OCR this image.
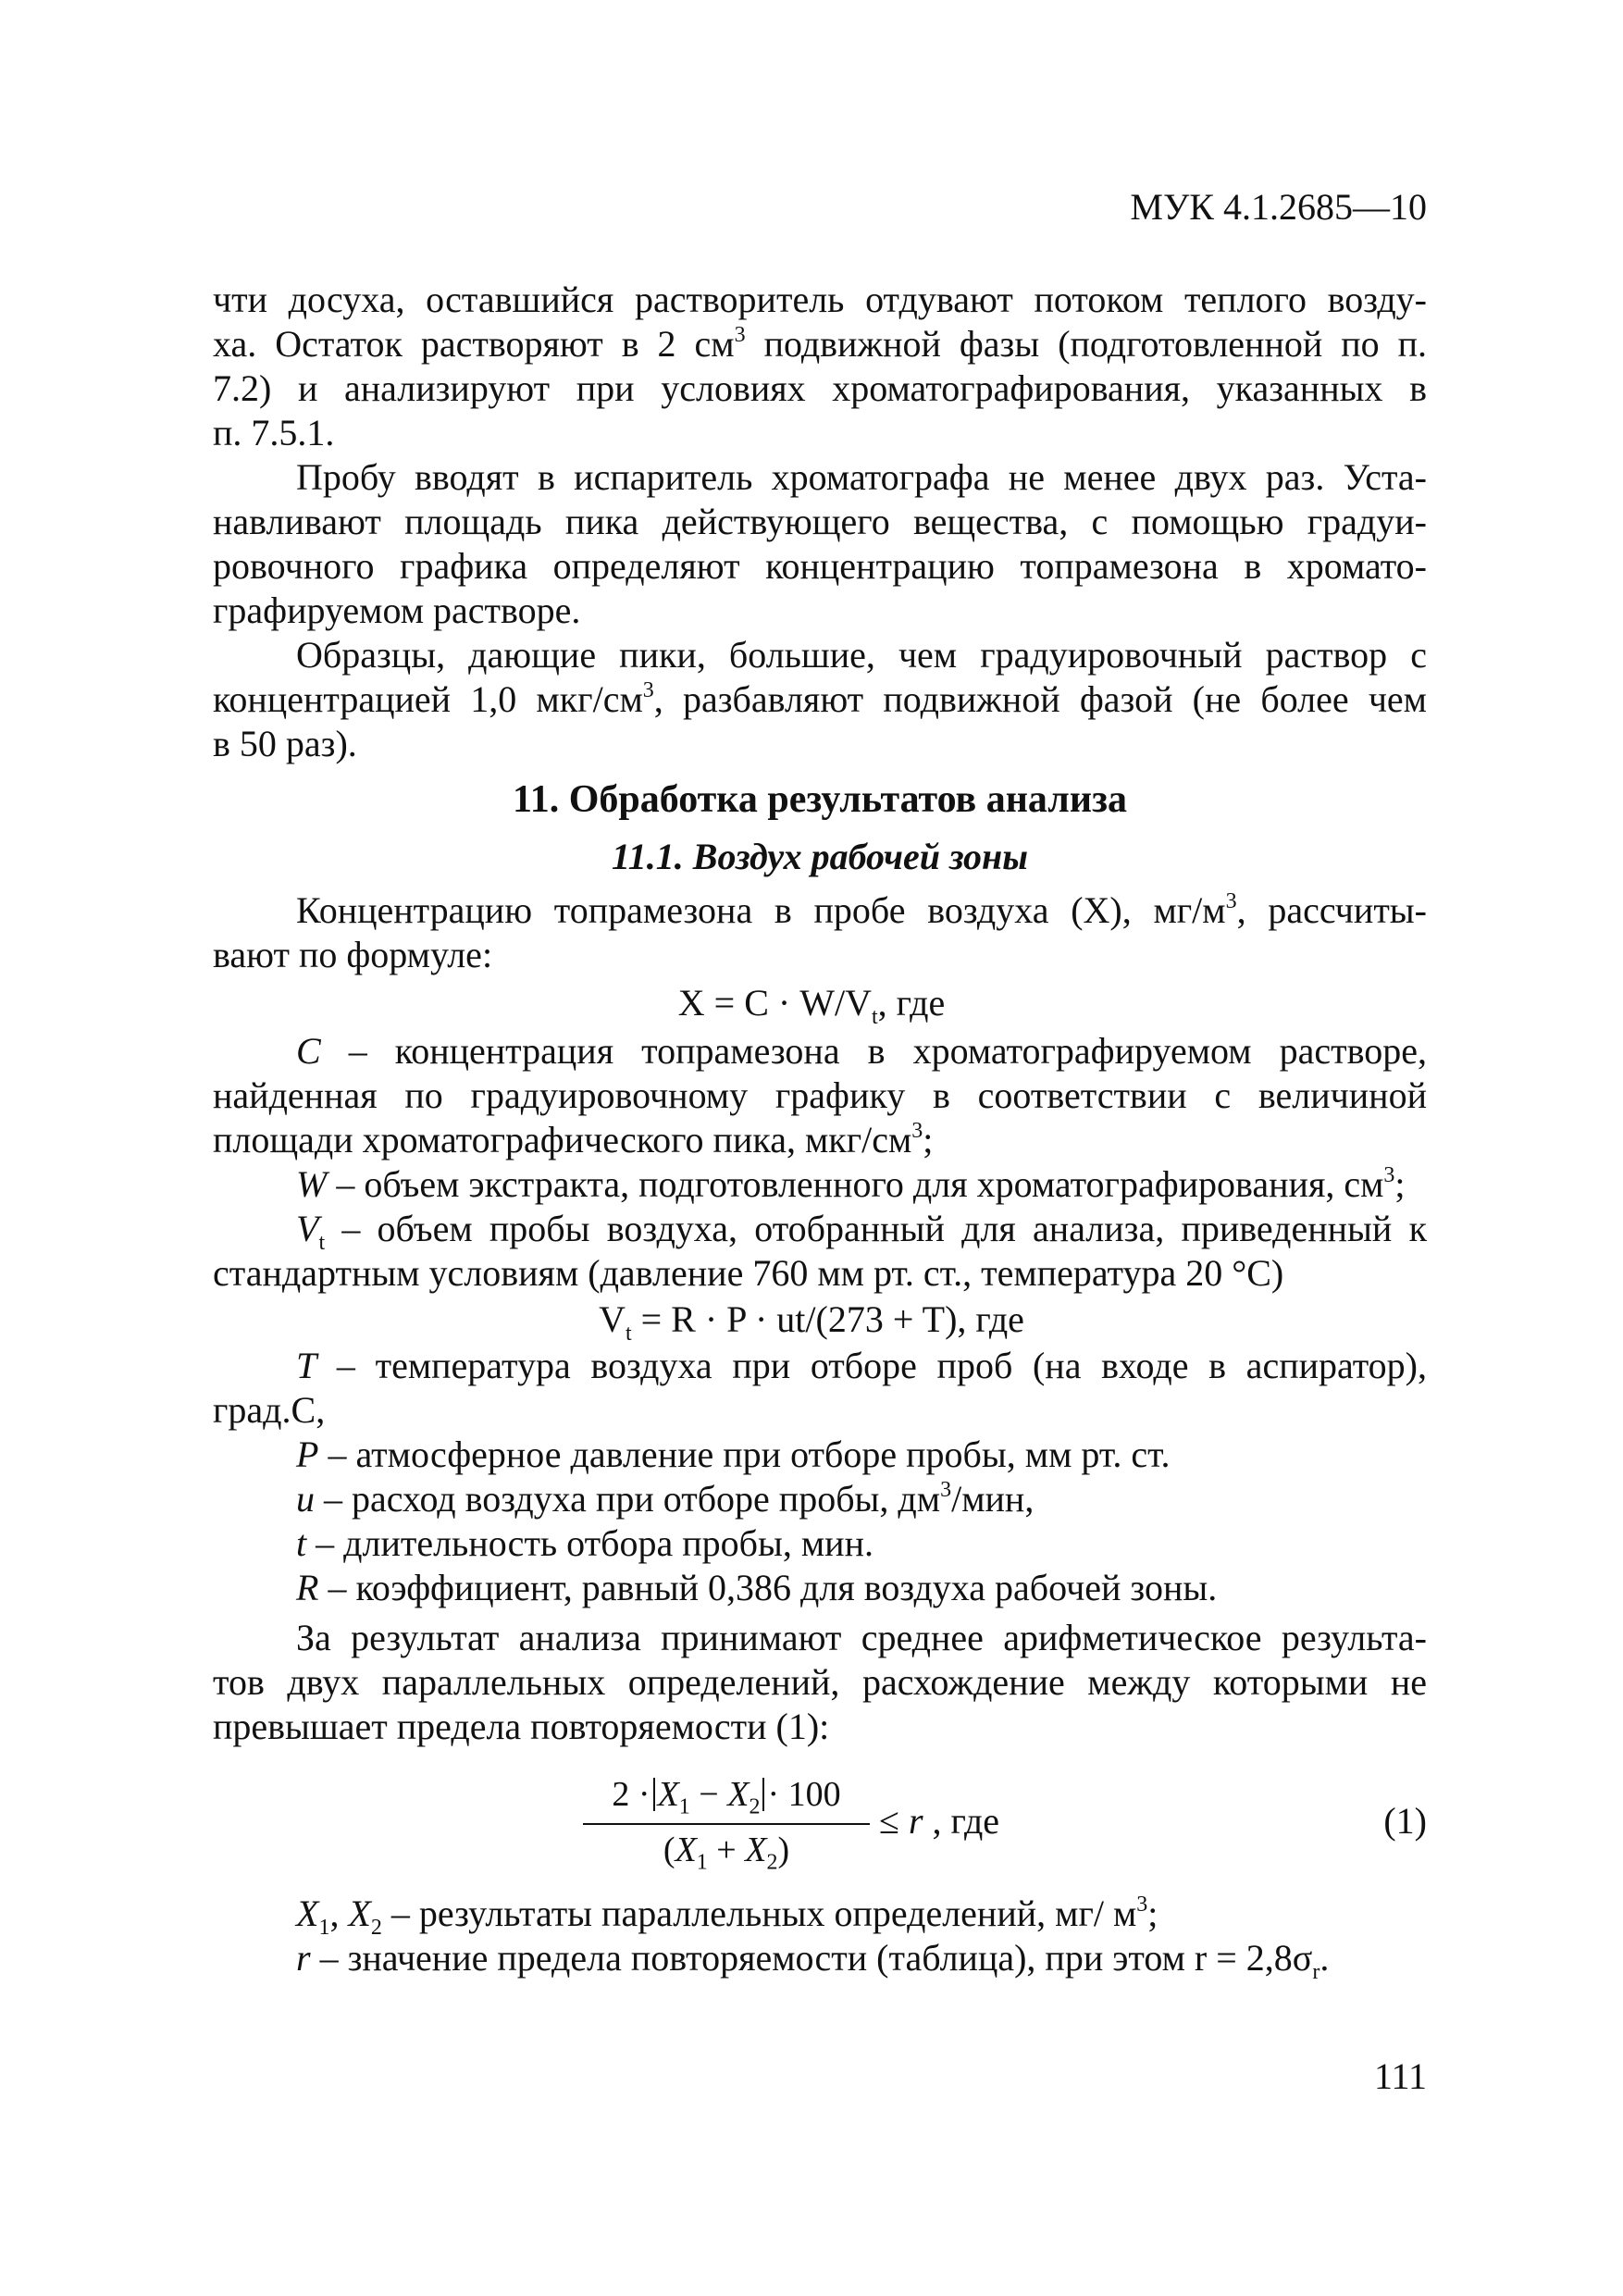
МУК 4.1.2685—10
чти досуха, оставшийся растворитель отдувают потоком теплого возду-
ха. Остаток растворяют в 2 $см^3$ подвижной фазы (подготовленной по п.
7.2) и анализируют при условиях хроматографирования, указанных в
п. 7.5.1.
Пробу вводят в испаритель хроматографа не менее двух раз. Уста-
навливают площадь пика действующего вещества, с помощью градуи-
ровочного графика определяют концентрацию топрамезона в хромато-
графируемом растворе.
Образцы, дающие пики, большие, чем градуировочный раствор с
концентрацией 1,0 мкг/$см^3$, разбавляют подвижной фазой (не более чем
в 50 раз).
11. Обработка результатов анализа
11.1. Воздух рабочей зоны
Концентрацию топрамезона в пробе воздуха (Х), $мг/м^3$, рассчиты-
вают по формуле:
$Х = С \cdot W/V_t$, где
С – концентрация топрамезона в хроматографируемом растворе,
найденная по градуировочному графику в соответствии с величиной
площади хроматографического пика, мкг/$см^3$;
W – объем экстракта, подготовленного для хроматографирования, $см^3$;
$V_t$ – объем пробы воздуха, отобранный для анализа, приведенный к
стандартным условиям (давление 760 мм рт. ст., температура 20 °С)
$V_t = R \cdot P \cdot ut/(273 + T)$, где
T – температура воздуха при отборе проб (на входе в аспиратор),
град.С,
P – атмосферное давление при отборе пробы, мм рт. ст.
u – расход воздуха при отборе пробы, $дм^3$/мин,
t – длительность отбора пробы, мин.
R – коэффициент, равный 0,386 для воздуха рабочей зоны.
За результат анализа принимают среднее арифметическое результа-
тов двух параллельных определений, расхождение между которыми не
превышает предела повторяемости (1):
$2 \cdot X_1 - X_2 \cdot 100$
$(X_1 + X_2)$
≤ r , где	(1)
$X_1$, $X_2$ – результаты параллельных определений, мг/ $м^3$;
r – значение предела повторяемости (таблица), при этом $r = 2,8\sigma_r$.
111
